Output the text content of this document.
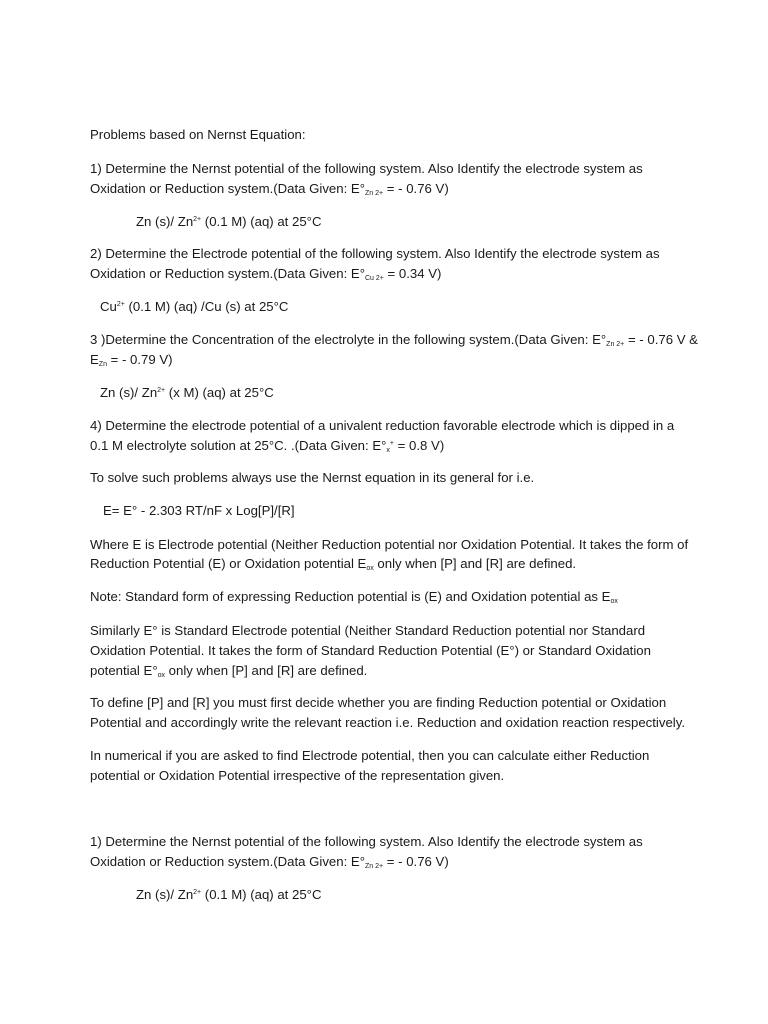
Problems based on Nernst Equation:
1) Determine the Nernst potential of the following system. Also Identify the electrode system as
Oxidation or Reduction system.(Data Given: $E^\circ_{Zn 2+}$ = - 0.76 V)
Zn (s)/ $Zn^{2+}$ (0.1 M) (aq) at 25°C
2) Determine the Electrode potential of the following system. Also Identify the electrode system as
Oxidation or Reduction system.(Data Given: $E^\circ_{Cu 2+} = 0.34$ V)
$Cu^{2+}$ (0.1 M) (aq) /Cu (s) at 25°C
3 )Determine the Concentration of the electrolyte in the following system.(Data Given: $E^\circ_{Zn 2+}$ = - 0.76 V &
$E_{Zn}$ = - 0.79 V)
Zn (s)/ $Zn^{2+}$ (x M) (aq) at 25°C
4) Determine the electrode potential of a univalent reduction favorable electrode which is dipped in a
0.1 M electrolyte solution at 25°C. .(Data Given: $E^\circ_x^+ = 0.8$ V)
To solve such problems always use the Nernst equation in its general for i.e.
E= E° - 2.303 RT/nF x Log[P]/[R]
Where E is Electrode potential (Neither Reduction potential nor Oxidation Potential. It takes the form of
Reduction Potential (E) or Oxidation potential $E_{ox}$ only when [P] and [R] are defined.
Note: Standard form of expressing Reduction potential is (E) and Oxidation potential as $E_{ox}$
Similarly E° is Standard Electrode potential (Neither Standard Reduction potential nor Standard
Oxidation Potential. It takes the form of Standard Reduction Potential (E°) or Standard Oxidation
potential $E^\circ_{ox}$ only when [P] and [R] are defined.
To define [P] and [R] you must first decide whether you are finding Reduction potential or Oxidation
Potential and accordingly write the relevant reaction i.e. Reduction and oxidation reaction respectively.
In numerical if you are asked to find Electrode potential, then you can calculate either Reduction
potential or Oxidation Potential irrespective of the representation given.
1) Determine the Nernst potential of the following system. Also Identify the electrode system as
Oxidation or Reduction system.(Data Given: $E^\circ_{Zn 2+}$ = - 0.76 V)
Zn (s)/ $Zn^{2+}$ (0.1 M) (aq) at 25°C
